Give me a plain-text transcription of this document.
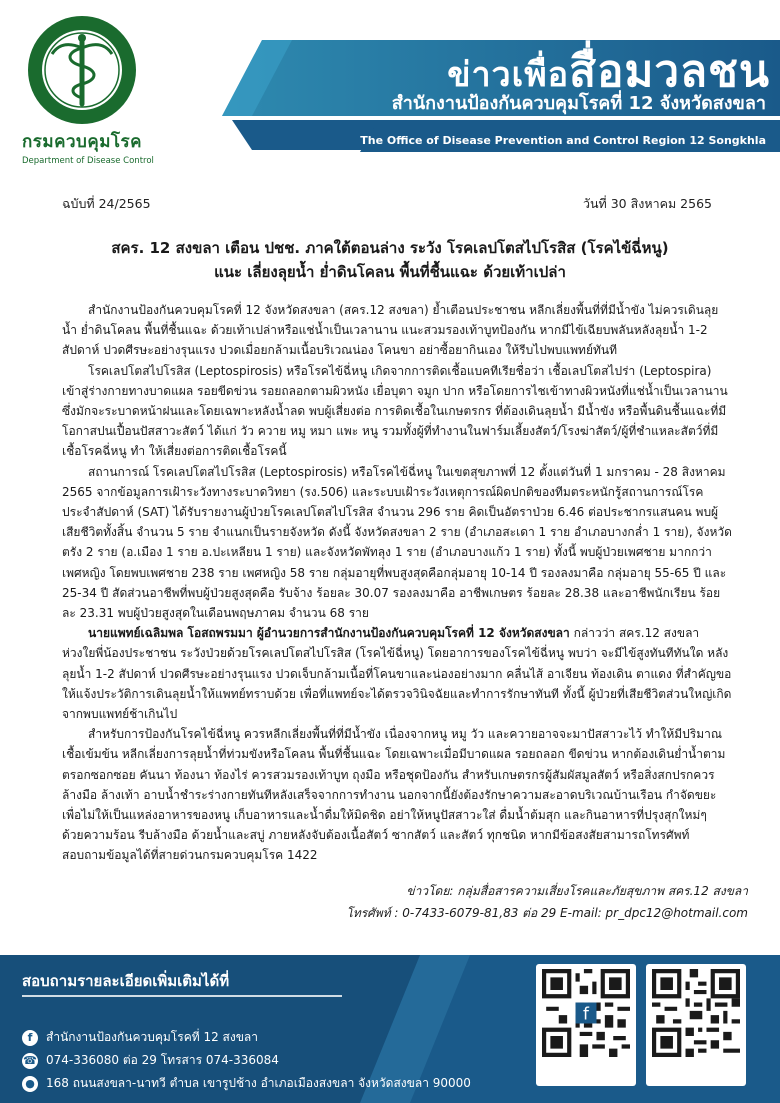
กรมควบคุมโรค
Department of Disease Control
ข่าวเพื่อสื่อมวลชน
สำนักงานป้องกันควบคุมโรคที่ 12 จังหวัดสงขลา
The Office of Disease Prevention and Control Region 12 Songkhla
ฉบับที่ 24/2565	วันที่ 30 สิงหาคม 2565
สคร. 12 สงขลา เตือน ปชช. ภาคใต้ตอนล่าง ระวัง โรคเลปโตสไปโรสิส (โรคไข้ฉี่หนู)
แนะ เลี่ยงลุยน้ำ ย่ำดินโคลน พื้นที่ชื้นแฉะ ด้วยเท้าเปล่า

สำนักงานป้องกันควบคุมโรคที่ 12 จังหวัดสงขลา (สคร.12 สงขลา) ย้ำเตือนประชาชน หลีกเลี่ยงพื้นที่ที่มีน้ำขัง ไม่ควรเดินลุยน้ำ ย่ำดินโคลน พื้นที่ชื้นแฉะ ด้วยเท้าเปล่าหรือแช่น้ำเป็นเวลานาน แนะสวมรองเท้าบูทป้องกัน หากมีไข้เฉียบพลันหลังลุยน้ำ 1-2 สัปดาห์ ปวดศีรษะอย่างรุนแรง ปวดเมื่อยกล้ามเนื้อบริเวณน่อง โคนขา อย่าซื้อยากินเอง ให้รีบไปพบแพทย์ทันที

โรคเลปโตสไปโรสิส (Leptospirosis) หรือโรคไข้ฉี่หนู เกิดจากการติดเชื้อแบคทีเรียชื่อว่า เชื้อเลปโตสไปร่า (Leptospira) เข้าสู่ร่างกายทางบาดแผล รอยขีดข่วน รอยถลอกตามผิวหนัง เยื่อบุตา จมูก ปาก หรือโดยการไชเข้าทางผิวหนังที่แช่น้ำเป็นเวลานาน ซึ่งมักจะระบาดหน้าฝนและโดยเฉพาะหลังน้ำลด พบผู้เสี่ยงต่อ การติดเชื้อในเกษตรกร ที่ต้องเดินลุยน้ำ มีน้ำขัง หรือพื้นดินชื้นแฉะที่มีโอกาสปนเปื้อนปัสสาวะสัตว์ ได้แก่ วัว ควาย หมู หมา แพะ หนู รวมทั้งผู้ที่ทำงานในฟาร์มเลี้ยงสัตว์/โรงฆ่าสัตว์/ผู้ที่ชำแหละสัตว์ที่มีเชื้อโรคฉี่หนู ทำ ให้เสี่ยงต่อการติดเชื้อโรคนี้

สถานการณ์ โรคเลปโตสไปโรสิส (Leptospirosis) หรือโรคไข้ฉี่หนู ในเขตสุขภาพที่ 12 ตั้งแต่วันที่ 1 มกราคม - 28 สิงหาคม 2565 จากข้อมูลการเฝ้าระวังทางระบาดวิทยา (รง.506) และระบบเฝ้าระวังเหตุการณ์ผิดปกติของทีมตระหนักรู้สถานการณ์โรคประจำสัปดาห์ (SAT) ได้รับรายงานผู้ป่วยโรคเลปโตสไปโรสิส จำนวน 296 ราย คิดเป็นอัตราป่วย 6.46 ต่อประชากรแสนคน พบผู้เสียชีวิตทั้งสิ้น จำนวน 5 ราย จำแนกเป็นรายจังหวัด ดังนี้ จังหวัดสงขลา 2 ราย (อำเภอสะเดา 1 ราย อำเภอบางกล่ำ 1 ราย), จังหวัดตรัง 2 ราย (อ.เมือง 1 ราย อ.ปะเหลียน 1 ราย) และจังหวัดพัทลุง 1 ราย (อำเภอบางแก้ว 1 ราย) ทั้งนี้ พบผู้ป่วยเพศชาย มากกว่า เพศหญิง โดยพบเพศชาย 238 ราย เพศหญิง 58 ราย กลุ่มอายุที่พบสูงสุดคือกลุ่มอายุ 10-14 ปี รองลงมาคือ กลุ่มอายุ 55-65 ปี และ 25-34 ปี สัดส่วนอาชีพที่พบผู้ป่วยสูงสุดคือ รับจ้าง ร้อยละ 30.07 รองลงมาคือ อาชีพเกษตร ร้อยละ 28.38 และอาชีพนักเรียน ร้อยละ 23.31 พบผู้ป่วยสูงสุดในเดือนพฤษภาคม จำนวน 68 ราย

นายแพทย์เฉลิมพล โอสถพรมมา ผู้อำนวยการสำนักงานป้องกันควบคุมโรคที่ 12 จังหวัดสงขลา กล่าวว่า สคร.12 สงขลา ห่วงใยพี่น้องประชาชน ระวังป่วยด้วยโรคเลปโตสไปโรสิส (โรคไข้ฉี่หนู) โดยอาการของโรคไข้ฉี่หนู พบว่า จะมีไข้สูงทันทีทันใด หลังลุยน้ำ 1-2 สัปดาห์ ปวดศีรษะอย่างรุนแรง ปวดเจ็บกล้ามเนื้อที่โคนขาและน่องอย่างมาก คลื่นไส้ อาเจียน ท้องเดิน ตาแดง ที่สำคัญขอให้แจ้งประวัติการเดินลุยน้ำให้แพทย์ทราบด้วย เพื่อที่แพทย์จะได้ตรวจวินิจฉัยและทำการรักษาทันที ทั้งนี้ ผู้ป่วยที่เสียชีวิตส่วนใหญ่เกิดจากพบแพทย์ช้าเกินไป

สำหรับการป้องกันโรคไข้ฉี่หนู ควรหลีกเลี่ยงพื้นที่ที่มีน้ำขัง เนื่องจากหนู หมู วัว และควายอาจจะมาปัสสาวะไว้ ทำให้มีปริมาณเชื้อเข้มข้น หลีกเลี่ยงการลุยน้ำที่ท่วมขังหรือโคลน พื้นที่ชื้นแฉะ โดยเฉพาะเมื่อมีบาดแผล รอยถลอก ขีดข่วน หากต้องเดินย่ำน้ำตามตรอกซอกซอย คันนา ท้องนา ท้องไร่ ควรสวมรองเท้าบูท ถุงมือ หรือชุดป้องกัน สำหรับเกษตรกรผู้สัมผัสมูลสัตว์ หรือสิ่งสกปรกควรล้างมือ ล้างเท้า อาบน้ำชำระร่างกายทันทีหลังเสร็จจากการทำงาน นอกจากนี้ยังต้องรักษาความสะอาดบริเวณบ้านเรือน กำจัดขยะเพื่อไม่ให้เป็นแหล่งอาหารของหนู เก็บอาหารและน้ำดื่มให้มิดชิด อย่าให้หนูปัสสาวะใส่ ดื่มน้ำต้มสุก และกินอาหารที่ปรุงสุกใหม่ๆ ด้วยความร้อน รีบล้างมือ ด้วยน้ำและสบู่ ภายหลังจับต้องเนื้อสัตว์ ซากสัตว์ และสัตว์ ทุกชนิด หากมีข้อสงสัยสามารถโทรศัพท์สอบถามข้อมูลได้ที่สายด่วนกรมควบคุมโรค 1422

ข่าวโดย: กลุ่มสื่อสารความเสี่ยงโรคและภัยสุขภาพ สคร.12 สงขลา
โทรศัพท์ : 0-7433-6079-81,83 ต่อ 29 E-mail: pr_dpc12@hotmail.com
สอบถามรายละเอียดเพิ่มเติมได้ที่
f	สำนักงานป้องกันควบคุมโรคที่ 12 สงขลา
☎ 074-336080 ต่อ 29 โทรสาร 074-336084
● 168 ถนนสงขลา-นาทวี ตำบล เขารูปช้าง อำเภอเมืองสงขลา จังหวัดสงขลา 90000
f
